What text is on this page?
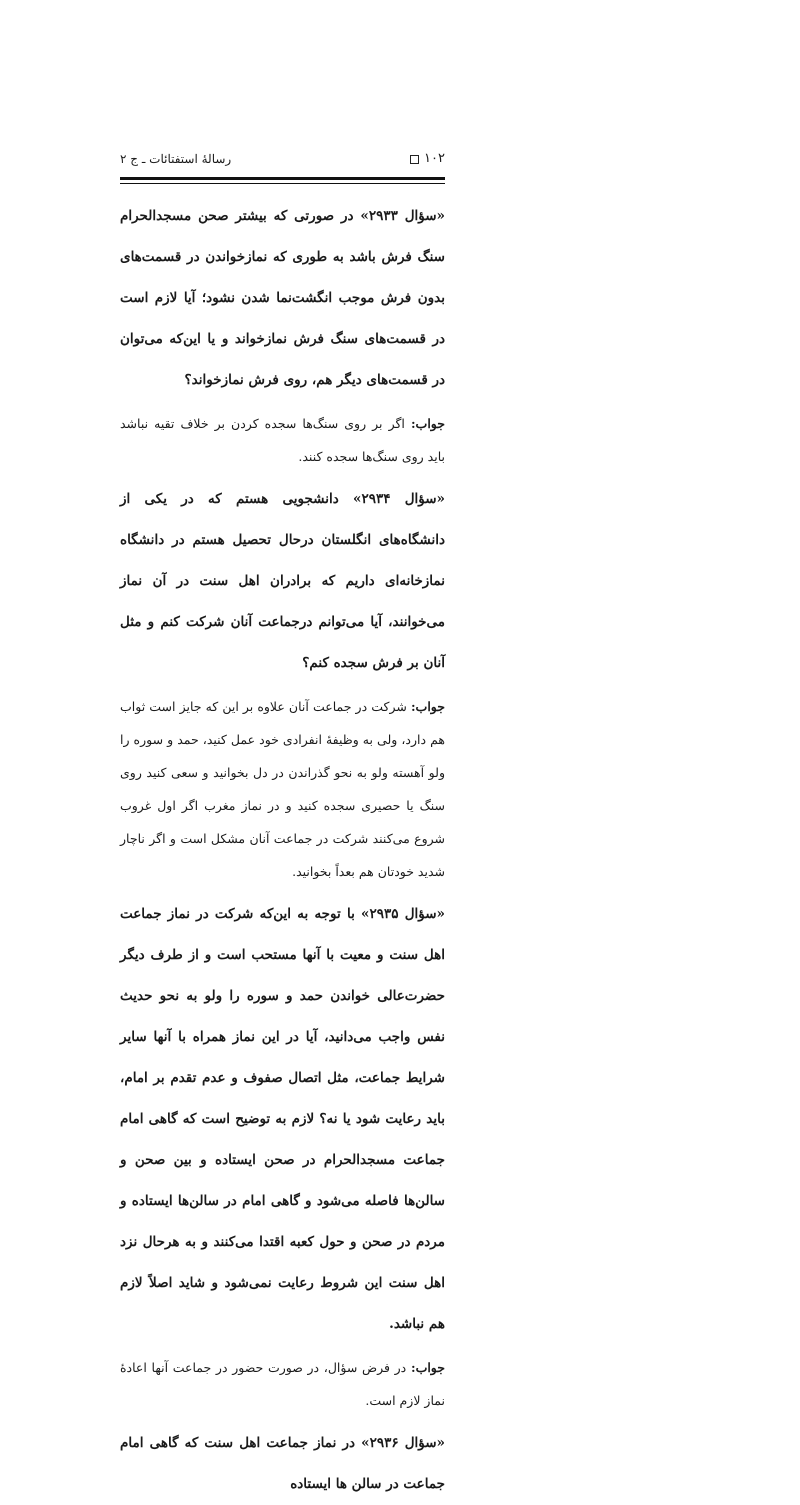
۱۰۲
رسالهٔ استفتائات ـ ج ۲
«سؤال ۲۹۳۳» در صورتی که بیشتر صحن مسجدالحرام سنگ فرش باشد به طوری که نمازخواندن در قسمت‌های بدون فرش موجب انگشت‌نما شدن نشود؛ آیا لازم است در قسمت‌های سنگ فرش نمازخواند و یا این‌که می‌توان در قسمت‌های دیگر هم، روی فرش نمازخواند؟
جواب: اگر بر روی سنگ‌ها سجده کردن بر خلاف تقیه نباشد باید روی سنگ‌ها سجده کنند.
«سؤال ۲۹۳۴» دانشجویی هستم که در یکی از دانشگاه‌های انگلستان درحال تحصیل هستم در دانشگاه نمازخانه‌ای داریم که برادران اهل سنت در آن نماز می‌خوانند، آیا می‌توانم درجماعت آنان شرکت کنم و مثل آنان بر فرش سجده کنم؟
جواب: شرکت در جماعت آنان علاوه بر این که جایز است ثواب هم دارد، ولی به وظیفهٔ انفرادی خود عمل کنید، حمد و سوره را ولو آهسته ولو به نحو گذراندن در دل بخوانید و سعی کنید روی سنگ یا حصیری سجده کنید و در نماز مغرب اگر اول غروب شروع می‌کنند شرکت در جماعت آنان مشکل است و اگر ناچار شدید خودتان هم بعداً بخوانید.
«سؤال ۲۹۳۵» با توجه به این‌که شرکت در نماز جماعت اهل سنت و معیت با آنها مستحب است و از طرف دیگر حضرت‌عالی خواندن حمد و سوره را ولو به نحو حدیث نفس واجب می‌دانید، آیا در این نماز همراه با آنها سایر شرایط جماعت، مثل اتصال صفوف و عدم تقدم بر امام، باید رعایت شود یا نه؟ لازم به توضیح است که گاهی امام جماعت مسجدالحرام در صحن ایستاده و بین صحن و سالن‌ها فاصله می‌شود و گاهی امام در سالن‌ها ایستاده و مردم در صحن و حول کعبه اقتدا می‌کنند و به هرحال نزد اهل سنت این شروط رعایت نمی‌شود و شاید اصلاً لازم هم نباشد.
جواب: در فرض سؤال، در صورت حضور در جماعت آنها اعادهٔ نماز لازم است.
«سؤال ۲۹۳۶» در نماز جماعت اهل سنت که گاهی امام جماعت در سالن ها ایستاده
